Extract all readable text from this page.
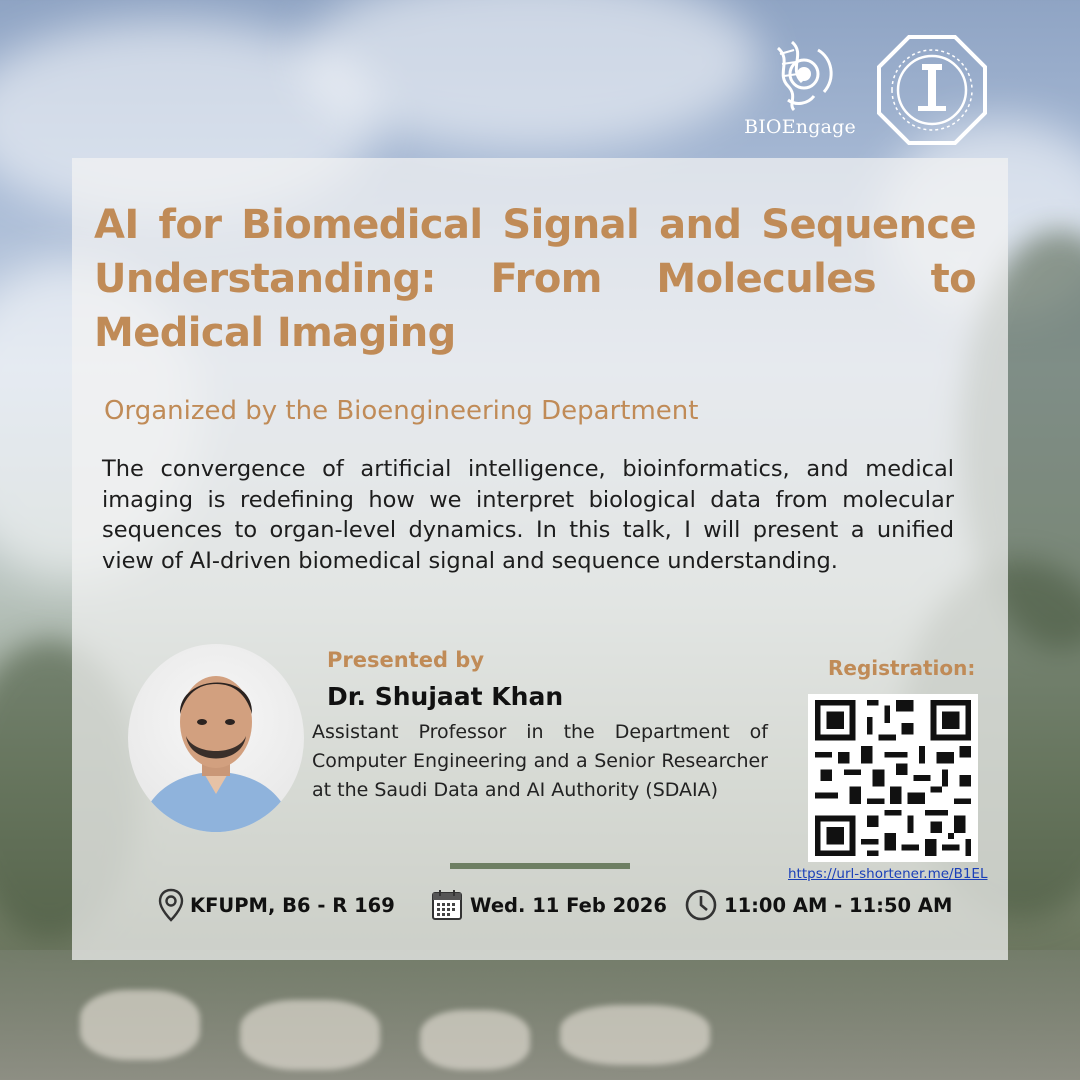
BIOEngage
AI for Biomedical Signal and Sequence Understanding: From Molecules to Medical Imaging
Organized by the Bioengineering Department
The convergence of artificial intelligence, bioinformatics, and medical imaging is redefining how we interpret biological data from molecular sequences to organ-level dynamics. In this talk, I will present a unified view of AI-driven biomedical signal and sequence understanding.
Presented by
Dr. Shujaat Khan
Assistant Professor in the Department of Computer Engineering and a Senior Researcher at the Saudi Data and AI Authority (SDAIA)
Registration:
https://url-shortener.me/B1EL
KFUPM, B6 - R 169	Wed. 11 Feb 2026	11:00 AM - 11:50 AM
